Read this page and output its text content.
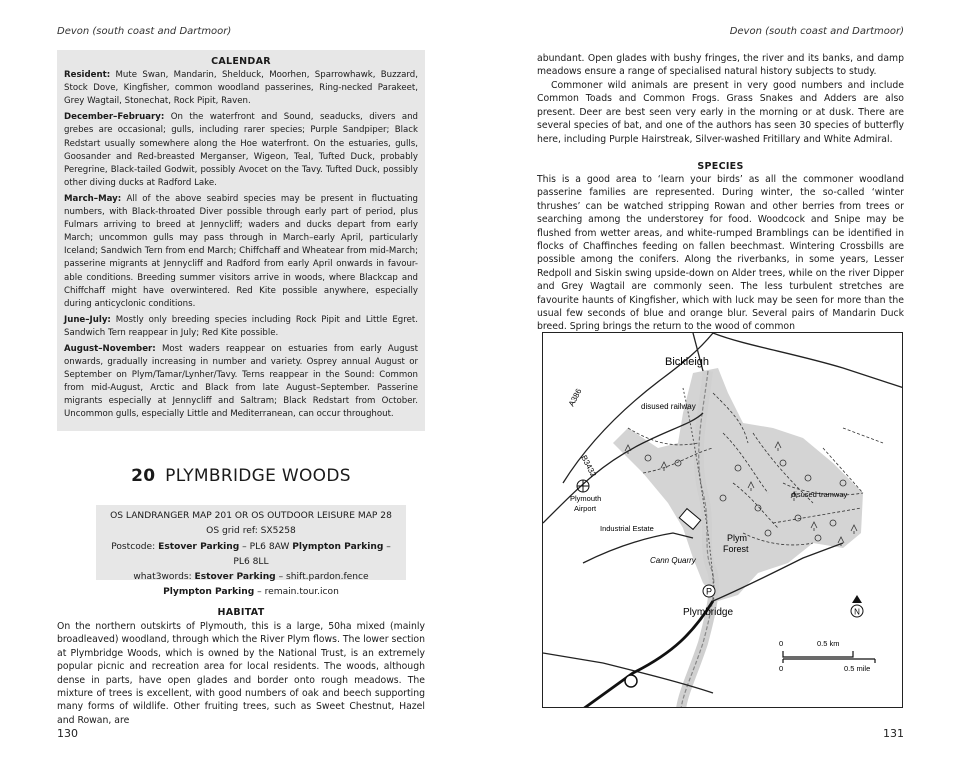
Devon (south coast and Dartmoor)
CALENDAR

Resident: Mute Swan, Mandarin, Shelduck, Moorhen, Sparrowhawk, Buzzard, Stock Dove, Kingfisher, common woodland passerines, Ring-necked Parakeet, Grey Wagtail, Stonechat, Rock Pipit, Raven.

December–February: On the waterfront and Sound, seaducks, divers and grebes are occasional; gulls, including rarer species; Purple Sandpiper; Black Redstart usually somewhere along the Hoe waterfront. On the estuaries, gulls, Goosander and Red-breasted Merganser, Wigeon, Teal, Tufted Duck, probably Peregrine, Black-tailed Godwit, possibly Avocet on the Tavy. Tufted Duck, possibly other diving ducks at Radford Lake.

March–May: All of the above seabird species may be present in fluctuating numbers, with Black-throated Diver possible through early part of period, plus Fulmars arriving to breed at Jennycliff; waders and ducks depart from early March; uncommon gulls may pass through in March–early April, particularly Iceland; Sandwich Tern from end March; Chiffchaff and Wheatear from mid-March; passerine migrants at Jennycliff and Radford from early April onwards in favour-able conditions. Breeding summer visitors arrive in woods, where Blackcap and Chiffchaff might have overwintered. Red Kite possible anywhere, especially during anticyclonic conditions.

June–July: Mostly only breeding species including Rock Pipit and Little Egret. Sandwich Tern reappear in July; Red Kite possible.

August–November: Most waders reappear on estuaries from early August onwards, gradually increasing in number and variety. Osprey annual August or September on Plym/Tamar/Lynher/Tavy. Terns reappear in the Sound: Common from mid-August, Arctic and Black from late August–September. Passerine migrants especially at Jennycliff and Saltram; Black Redstart from October. Uncommon gulls, especially Little and Mediterranean, can occur throughout.

20 PLYMBRIDGE WOODS
OS LANDRANGER MAP 201 OR OS OUTDOOR LEISURE MAP 28
OS grid ref: SX5258
Postcode: Estover Parking – PL6 8AW Plympton Parking – PL6 8LL
what3words: Estover Parking – shift.pardon.fence
Plympton Parking – remain.tour.icon
HABITAT

On the northern outskirts of Plymouth, this is a large, 50ha mixed (mainly broadleaved) woodland, through which the River Plym flows. The lower section at Plymbridge Woods, which is owned by the National Trust, is an extremely popular picnic and recreation area for local residents. The woods, although dense in parts, have open glades and border onto rough meadows. The mixture of trees is excellent, with good numbers of oak and beech supporting many forms of wildlife. Other fruiting trees, such as Sweet Chestnut, Hazel and Rowan, are

130
Devon (south coast and Dartmoor)

abundant. Open glades with bushy fringes, the river and its banks, and damp meadows ensure a range of specialised natural history subjects to study.

Commoner wild animals are present in very good numbers and include Common Toads and Common Frogs. Grass Snakes and Adders are also present. Deer are best seen very early in the morning or at dusk. There are several species of bat, and one of the authors has seen 30 species of butterfly here, including Purple Hairstreak, Silver-washed Fritillary and White Admiral.

SPECIES

This is a good area to ‘learn your birds’ as all the commoner woodland passerine families are represented. During winter, the so-called ‘winter thrushes’ can be watched stripping Rowan and other berries from trees or searching among the understorey for food. Woodcock and Snipe may be flushed from wetter areas, and white-rumped Bramblings can be identified in flocks of Chaffinches feeding on fallen beechmast. Wintering Crossbills are possible among the conifers. Along the riverbanks, in some years, Lesser Redpoll and Siskin swing upside-down on Alder trees, while on the river Dipper and Grey Wagtail are commonly seen. The less turbulent stretches are favourite haunts of Kingfisher, which with luck may be seen for more than the usual few seconds of blue and orange blur. Several pairs of Mandarin Duck breed. Spring brings the return to the wood of common

131
P
Bickleigh
A386	disused railway
B3432
Plymouth
Airport
Industrial Estate
disused tramway
Plym
Forest
Cann Quarry
Plymbridge	N
0	0.5 km
0	0.5 mile
